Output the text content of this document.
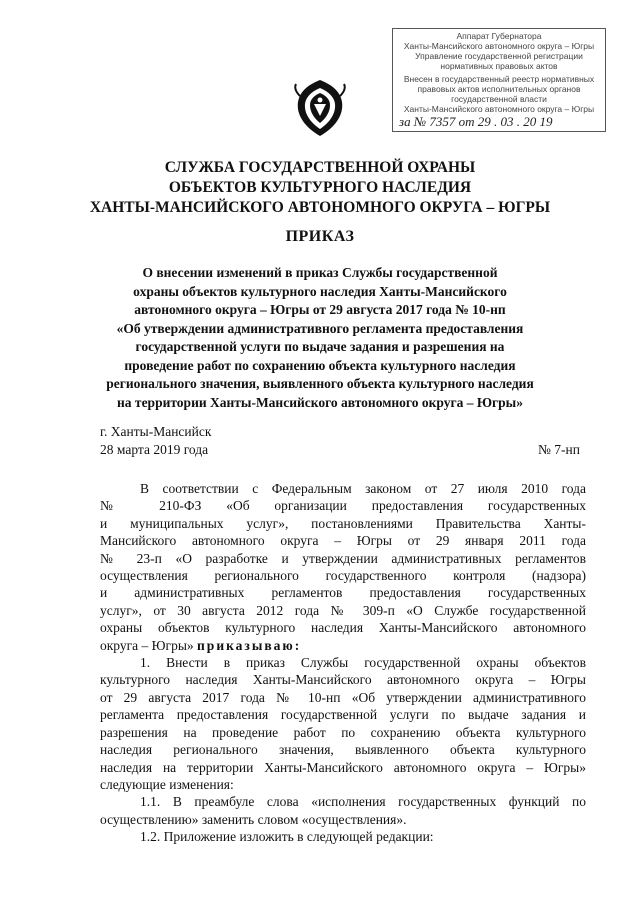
Аппарат Губернатора
Ханты-Мансийского автономного округа – Югры
Управление государственной регистрации
нормативных правовых актов
Внесен в государственный реестр нормативных
правовых актов исполнительных органов
государственной власти
Ханты-Мансийского автономного округа – Югры
за № 7357 от 29 . 03 . 20 19
СЛУЖБА ГОСУДАРСТВЕННОЙ ОХРАНЫ
ОБЪЕКТОВ КУЛЬТУРНОГО НАСЛЕДИЯ
ХАНТЫ-МАНСИЙСКОГО АВТОНОМНОГО ОКРУГА – ЮГРЫ
ПРИКАЗ
О внесении изменений в приказ Службы государственной
охраны объектов культурного наследия Ханты-Мансийского
автономного округа – Югры от 29 августа 2017 года № 10-нп
«Об утверждении административного регламента предоставления
государственной услуги по выдаче задания и разрешения на
проведение работ по сохранению объекта культурного наследия
регионального значения, выявленного объекта культурного наследия
на территории Ханты-Мансийского автономного округа – Югры»
г. Ханты-Мансийск
28 марта 2019 года	№ 7-нп
В соответствии с Федеральным законом от 27 июля 2010 года
№ 210-ФЗ «Об организации предоставления государственных
и муниципальных услуг», постановлениями Правительства Ханты-
Мансийского автономного округа – Югры от 29 января 2011 года
№ 23-п «О разработке и утверждении административных регламентов
осуществления регионального государственного контроля (надзора)
и административных регламентов предоставления государственных
услуг», от 30 августа 2012 года № 309-п «О Службе государственной
охраны объектов культурного наследия Ханты-Мансийского автономного
округа – Югры» приказываю:
1. Внести в приказ Службы государственной охраны объектов
культурного наследия Ханты-Мансийского автономного округа – Югры
от 29 августа 2017 года № 10-нп «Об утверждении административного
регламента предоставления государственной услуги по выдаче задания и
разрешения на проведение работ по сохранению объекта культурного
наследия регионального значения, выявленного объекта культурного
наследия на территории Ханты-Мансийского автономного округа – Югры»
следующие изменения:
1.1. В преамбуле слова «исполнения государственных функций по
осуществлению» заменить словом «осуществления».
1.2. Приложение изложить в следующей редакции:
